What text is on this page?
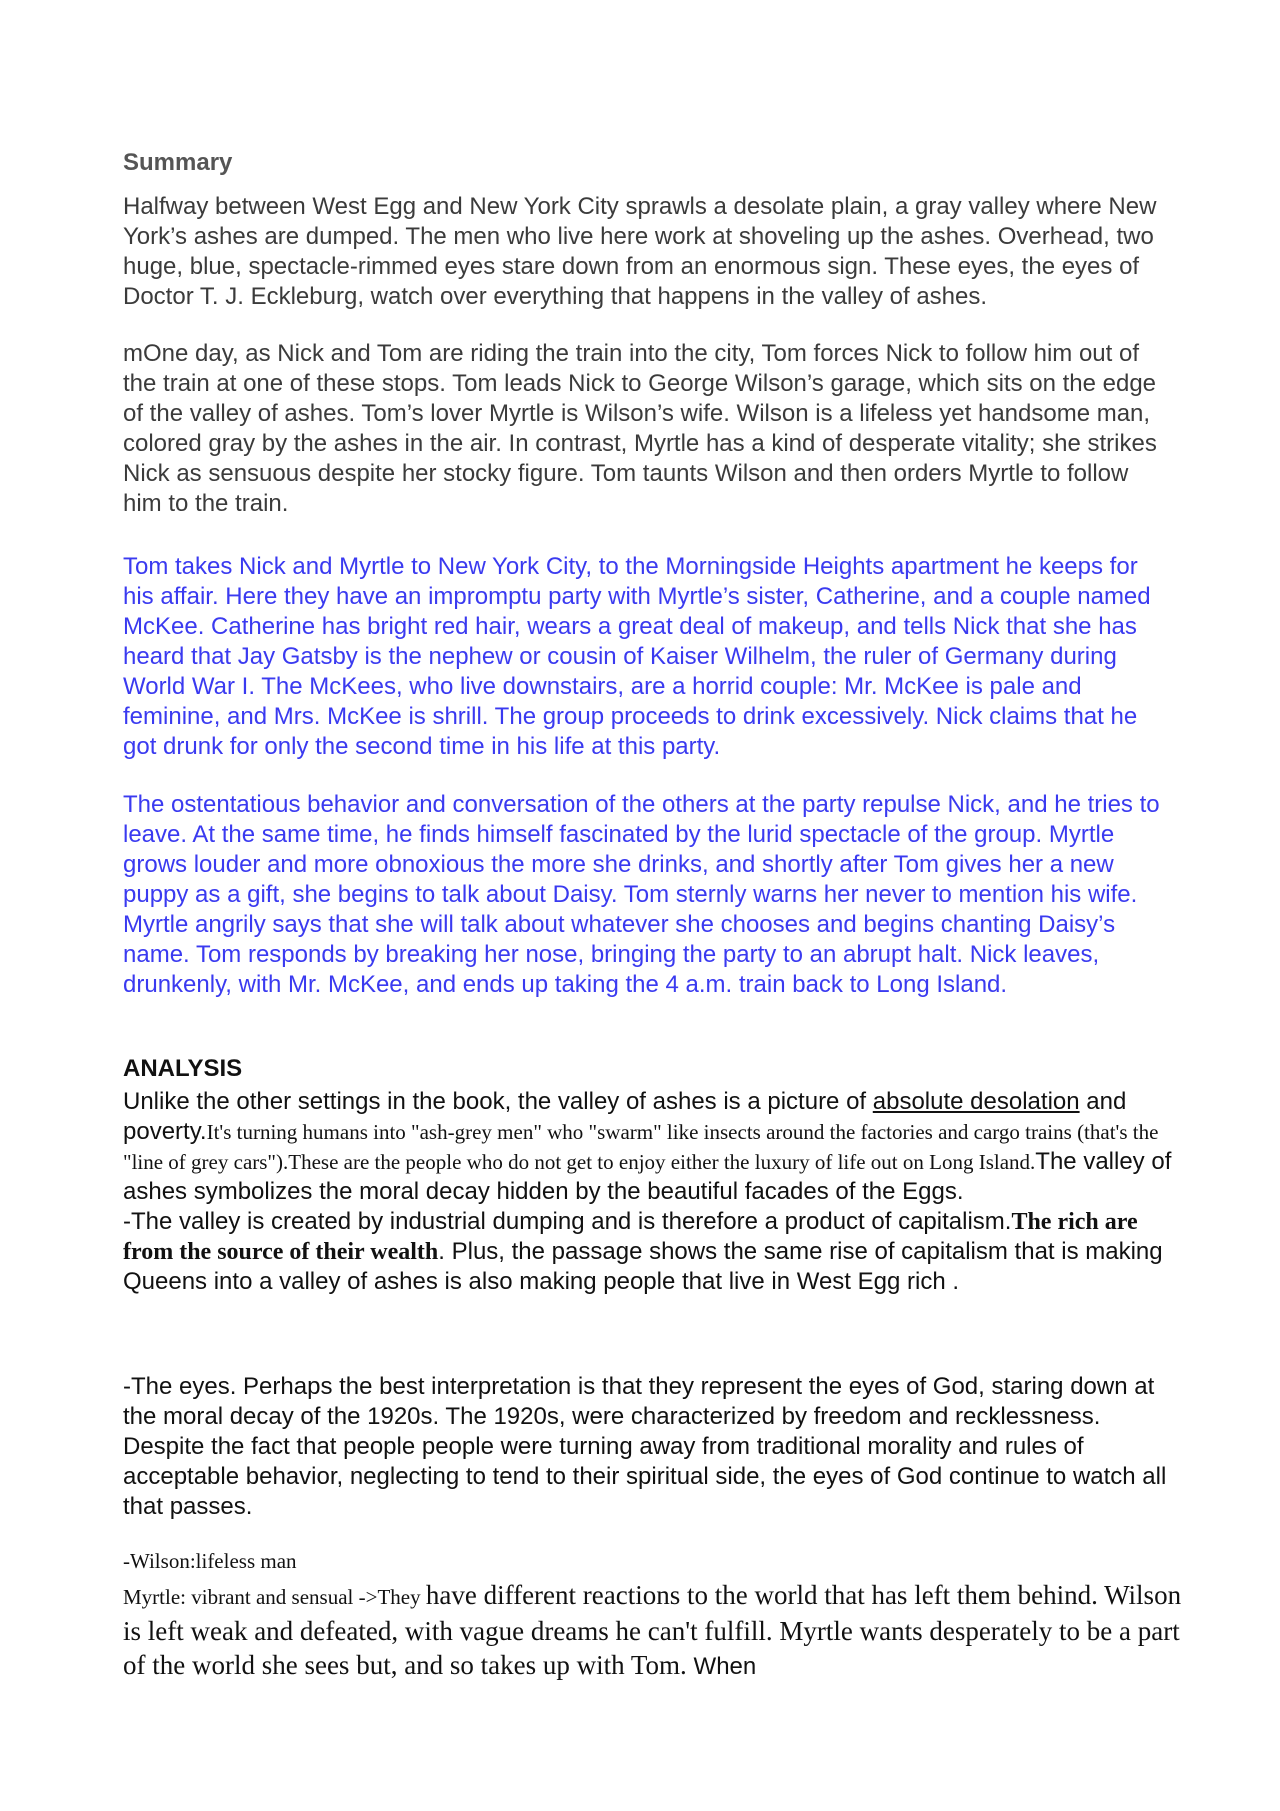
Summary

Halfway between West Egg and New York City sprawls a desolate plain, a gray valley where New York’s ashes are dumped. The men who live here work at shoveling up the ashes. Overhead, two huge, blue, spectacle-rimmed eyes stare down from an enormous sign. These eyes, the eyes of Doctor T. J. Eckleburg, watch over everything that happens in the valley of ashes.

mOne day, as Nick and Tom are riding the train into the city, Tom forces Nick to follow him out of the train at one of these stops. Tom leads Nick to George Wilson’s garage, which sits on the edge of the valley of ashes. Tom’s lover Myrtle is Wilson’s wife. Wilson is a lifeless yet handsome man, colored gray by the ashes in the air. In contrast, Myrtle has a kind of desperate vitality; she strikes Nick as sensuous despite her stocky figure. Tom taunts Wilson and then orders Myrtle to follow him to the train.

Tom takes Nick and Myrtle to New York City, to the Morningside Heights apartment he keeps for his affair. Here they have an impromptu party with Myrtle’s sister, Catherine, and a couple named McKee. Catherine has bright red hair, wears a great deal of makeup, and tells Nick that she has heard that Jay Gatsby is the nephew or cousin of Kaiser Wilhelm, the ruler of Germany during World War I. The McKees, who live downstairs, are a horrid couple: Mr. McKee is pale and feminine, and Mrs. McKee is shrill. The group proceeds to drink excessively. Nick claims that he got drunk for only the second time in his life at this party.

The ostentatious behavior and conversation of the others at the party repulse Nick, and he tries to leave. At the same time, he finds himself fascinated by the lurid spectacle of the group. Myrtle grows louder and more obnoxious the more she drinks, and shortly after Tom gives her a new puppy as a gift, she begins to talk about Daisy. Tom sternly warns her never to mention his wife. Myrtle angrily says that she will talk about whatever she chooses and begins chanting Daisy’s name. Tom responds by breaking her nose, bringing the party to an abrupt halt. Nick leaves, drunkenly, with Mr. McKee, and ends up taking the 4 a.m. train back to Long Island.

ANALYSIS

Unlike the other settings in the book, the valley of ashes is a picture of absolute desolation and poverty.It's turning humans into "ash-grey men" who "swarm" like insects around the factories and cargo trains (that's the "line of grey cars").These are the people who do not get to enjoy either the luxury of life out on Long Island.The valley of ashes symbolizes the moral decay hidden by the beautiful facades of the Eggs.
-The valley is created by industrial dumping and is therefore a product of capitalism.The rich are from the source of their wealth. Plus, the passage shows the same rise of capitalism that is making Queens into a valley of ashes is also making people that live in West Egg rich .

-The eyes. Perhaps the best interpretation is that they represent the eyes of God, staring down at the moral decay of the 1920s. The 1920s, were characterized by freedom and recklessness. Despite the fact that people people were turning away from traditional morality and rules of acceptable behavior, neglecting to tend to their spiritual side, the eyes of God continue to watch all that passes.

-Wilson:lifeless man

Myrtle: vibrant and sensual ->They have different reactions to the world that has left them behind. Wilson is left weak and defeated, with vague dreams he can't fulfill. Myrtle wants desperately to be a part of the world she sees but, and so takes up with Tom. When
